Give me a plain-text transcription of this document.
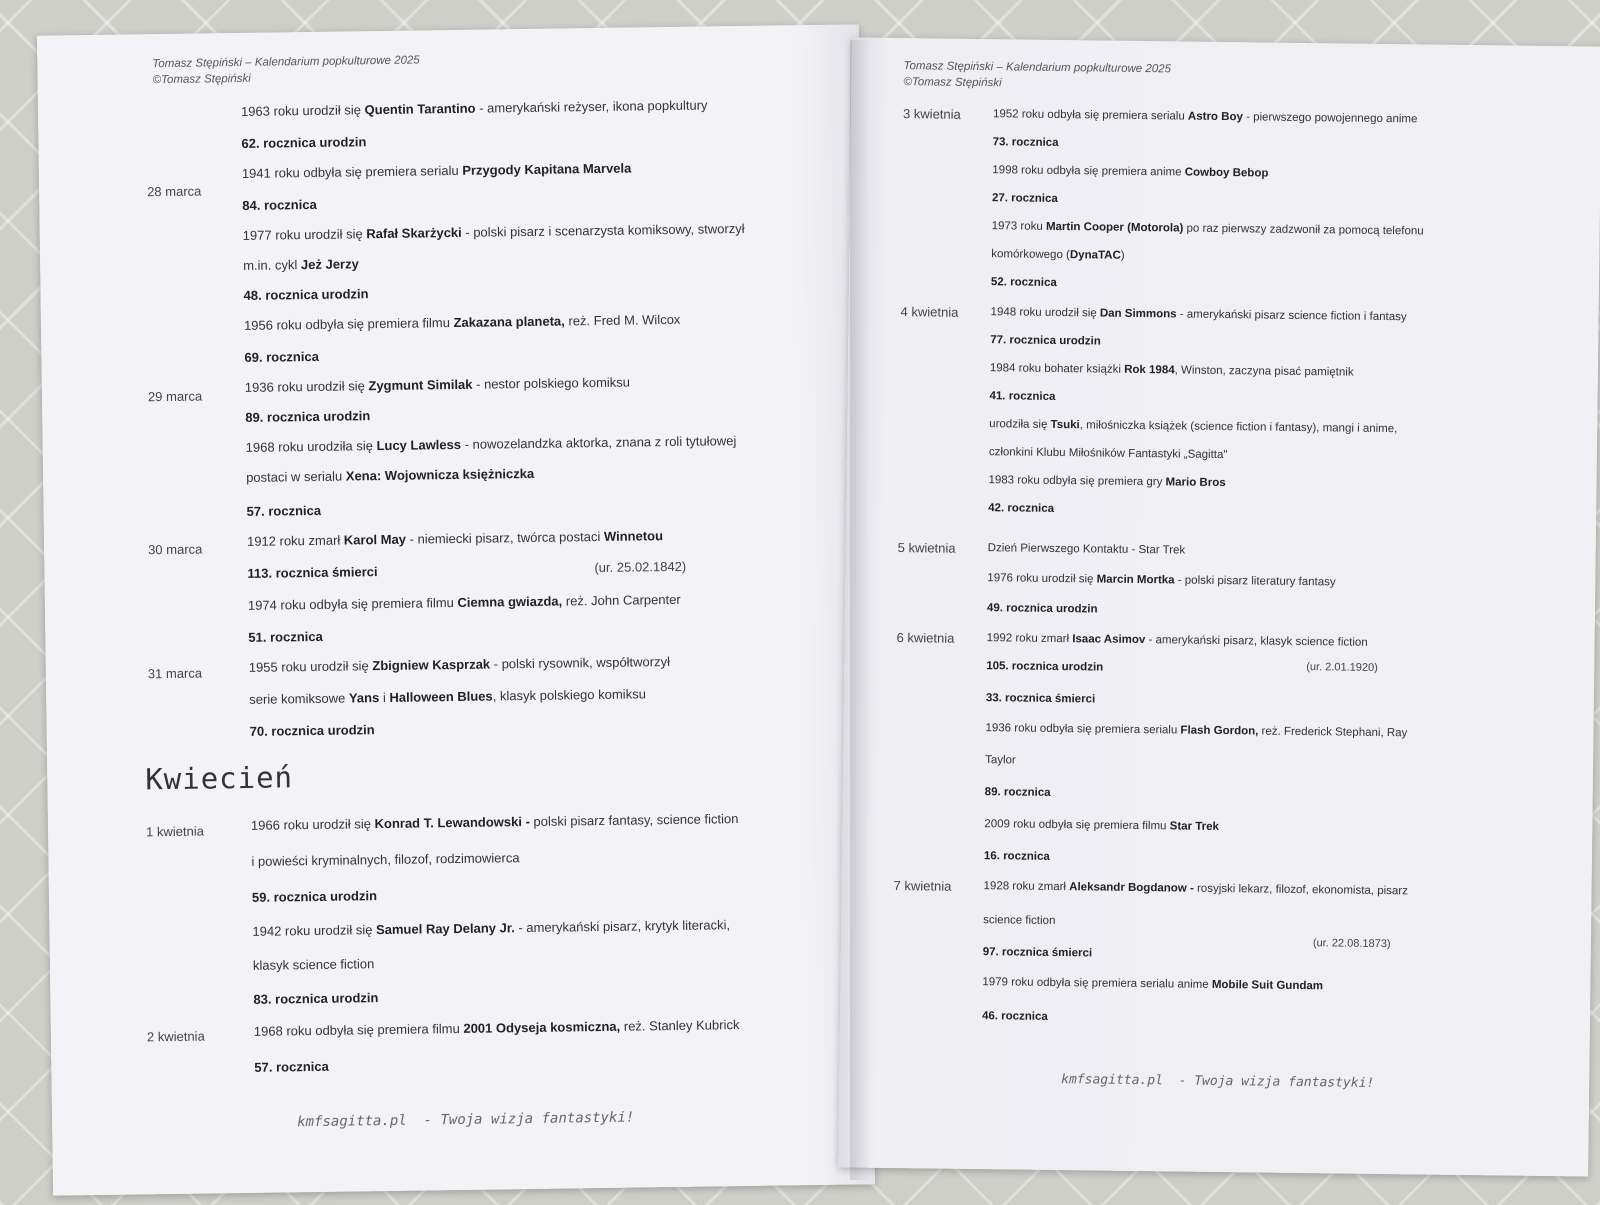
Tomasz Stępiński – Kalendarium popkulturowe 2025
©Tomasz Stępiński
28 marca
29 marca
30 marca
31 marca
1 kwietnia
2 kwietnia
Kwiecień
1963 roku urodził się Quentin Tarantino - amerykański reżyser, ikona popkultury
62. rocznica urodzin
1941 roku odbyła się premiera serialu Przygody Kapitana Marvela
84. rocznica
1977 roku urodził się Rafał Skarżycki - polski pisarz i scenarzysta komiksowy, stworzył
m.in. cykl Jeż Jerzy
48. rocznica urodzin
1956 roku odbyła się premiera filmu Zakazana planeta, reż. Fred M. Wilcox
69. rocznica
1936 roku urodził się Zygmunt Similak - nestor polskiego komiksu
89. rocznica urodzin
1968 roku urodziła się Lucy Lawless - nowozelandzka aktorka, znana z roli tytułowej
postaci w serialu Xena: Wojownicza księżniczka
57. rocznica
1912 roku zmarł Karol May - niemiecki pisarz, twórca postaci Winnetou
113. rocznica śmierci	(ur. 25.02.1842)
1974 roku odbyła się premiera filmu Ciemna gwiazda, reż. John Carpenter
51. rocznica
1955 roku urodził się Zbigniew Kasprzak - polski rysownik, współtworzył
serie komiksowe Yans i Halloween Blues, klasyk polskiego komiksu
70. rocznica urodzin
1966 roku urodził się Konrad T. Lewandowski - polski pisarz fantasy, science fiction
i powieści kryminalnych, filozof, rodzimowierca
59. rocznica urodzin
1942 roku urodził się Samuel Ray Delany Jr. - amerykański pisarz, krytyk literacki,
klasyk science fiction
83. rocznica urodzin
1968 roku odbyła się premiera filmu 2001 Odyseja kosmiczna, reż. Stanley Kubrick
57. rocznica
kmfsagitta.pl - Twoja wizja fantastyki!
Tomasz Stępiński – Kalendarium popkulturowe 2025
©Tomasz Stępiński
3 kwietnia
4 kwietnia
5 kwietnia
6 kwietnia
7 kwietnia
1952 roku odbyła się premiera serialu Astro Boy - pierwszego powojennego anime
73. rocznica
1998 roku odbyła się premiera anime Cowboy Bebop
27. rocznica
1973 roku Martin Cooper (Motorola) po raz pierwszy zadzwonił za pomocą telefonu
komórkowego (DynaTAC)
52. rocznica
1948 roku urodził się Dan Simmons - amerykański pisarz science fiction i fantasy
77. rocznica urodzin
1984 roku bohater książki Rok 1984, Winston, zaczyna pisać pamiętnik
41. rocznica
urodziła się Tsuki, miłośniczka książek (science fiction i fantasy), mangi i anime,
członkini Klubu Miłośników Fantastyki „Sagitta"
1983 roku odbyła się premiera gry Mario Bros
42. rocznica
Dzień Pierwszego Kontaktu - Star Trek
1976 roku urodził się Marcin Mortka - polski pisarz literatury fantasy
49. rocznica urodzin
1992 roku zmarł Isaac Asimov - amerykański pisarz, klasyk science fiction
105. rocznica urodzin	(ur. 2.01.1920)
33. rocznica śmierci
1936 roku odbyła się premiera serialu Flash Gordon, reż. Frederick Stephani, Ray
Taylor
89. rocznica
2009 roku odbyła się premiera filmu Star Trek
16. rocznica
1928 roku zmarł Aleksandr Bogdanow - rosyjski lekarz, filozof, ekonomista, pisarz
science fiction
97. rocznica śmierci
(ur. 22.08.1873)
1979 roku odbyła się premiera serialu anime Mobile Suit Gundam
46. rocznica
kmfsagitta.pl - Twoja wizja fantastyki!
